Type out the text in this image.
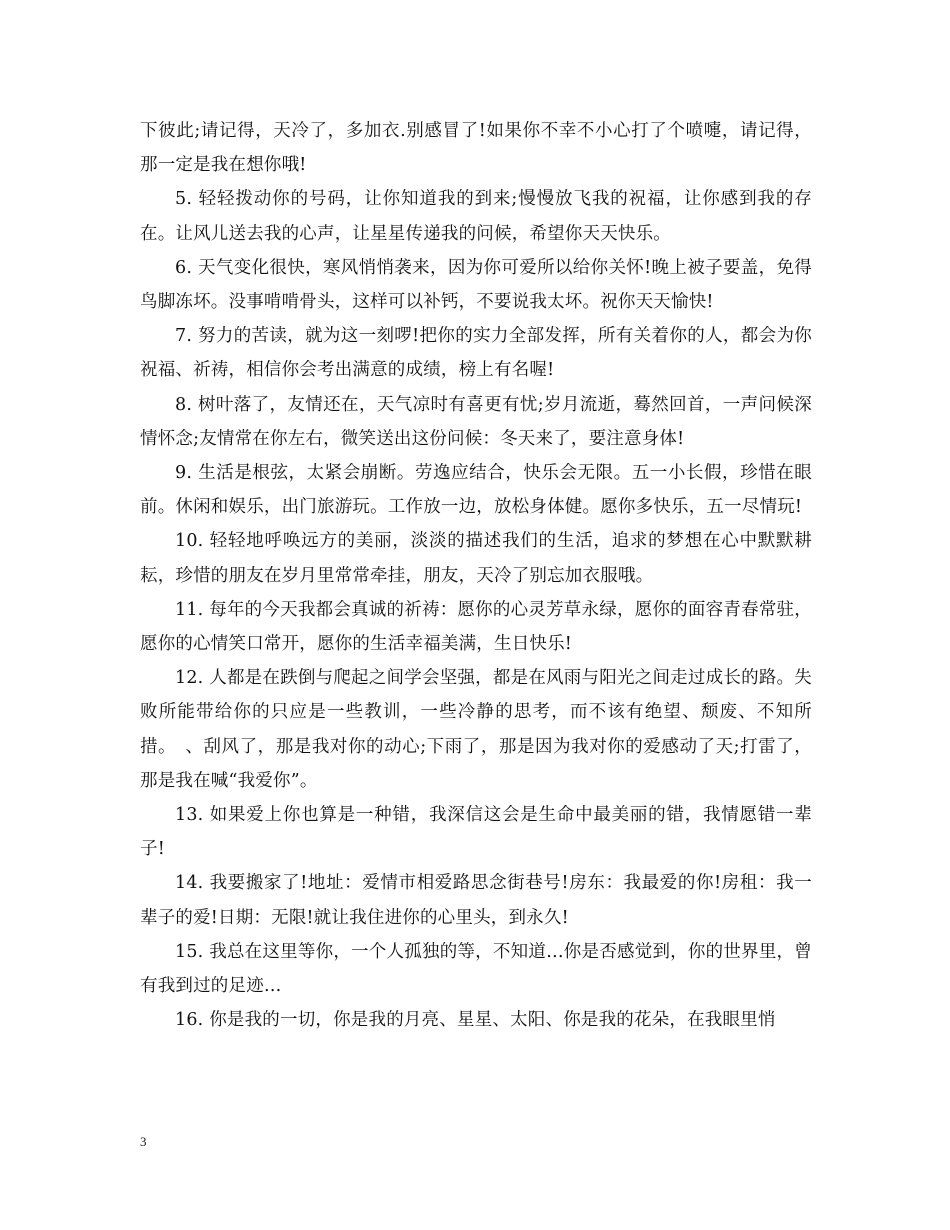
下彼此;请记得，天冷了，多加衣.别感冒了!如果你不幸不小心打了个喷嚏，请记得，那一定是我在想你哦!

5. 轻轻拨动你的号码，让你知道我的到来;慢慢放飞我的祝福，让你感到我的存在。让风儿送去我的心声，让星星传递我的问候，希望你天天快乐。

6. 天气变化很快，寒风悄悄袭来，因为你可爱所以给你关怀!晚上被子要盖，免得鸟脚冻坏。没事啃啃骨头，这样可以补钙，不要说我太坏。祝你天天愉快!

7. 努力的苦读，就为这一刻啰!把你的实力全部发挥，所有关着你的人，都会为你祝福、祈祷，相信你会考出满意的成绩，榜上有名喔!

8. 树叶落了，友情还在，天气凉时有喜更有忧;岁月流逝，蓦然回首，一声问候深情怀念;友情常在你左右，微笑送出这份问候：冬天来了，要注意身体!

9. 生活是根弦，太紧会崩断。劳逸应结合，快乐会无限。五一小长假，珍惜在眼前。休闲和娱乐，出门旅游玩。工作放一边，放松身体健。愿你多快乐，五一尽情玩!

10. 轻轻地呼唤远方的美丽，淡淡的描述我们的生活，追求的梦想在心中默默耕耘，珍惜的朋友在岁月里常常牵挂，朋友，天冷了别忘加衣服哦。

11. 每年的今天我都会真诚的祈祷：愿你的心灵芳草永绿，愿你的面容青春常驻，愿你的心情笑口常开，愿你的生活幸福美满，生日快乐!

12. 人都是在跌倒与爬起之间学会坚强，都是在风雨与阳光之间走过成长的路。失败所能带给你的只应是一些教训，一些冷静的思考，而不该有绝望、颓废、不知所措。　、刮风了，那是我对你的动心;下雨了，那是因为我对你的爱感动了天;打雷了，那是我在喊“我爱你”。

13. 如果爱上你也算是一种错，我深信这会是生命中最美丽的错，我情愿错一辈子!

14. 我要搬家了!地址：爱情市相爱路思念街巷号!房东：我最爱的你!房租：我一辈子的爱!日期：无限!就让我住进你的心里头，到永久!

15. 我总在这里等你，一个人孤独的等，不知道…你是否感觉到，你的世界里，曾有我到过的足迹…

16. 你是我的一切，你是我的月亮、星星、太阳、你是我的花朵，在我眼里悄

3
